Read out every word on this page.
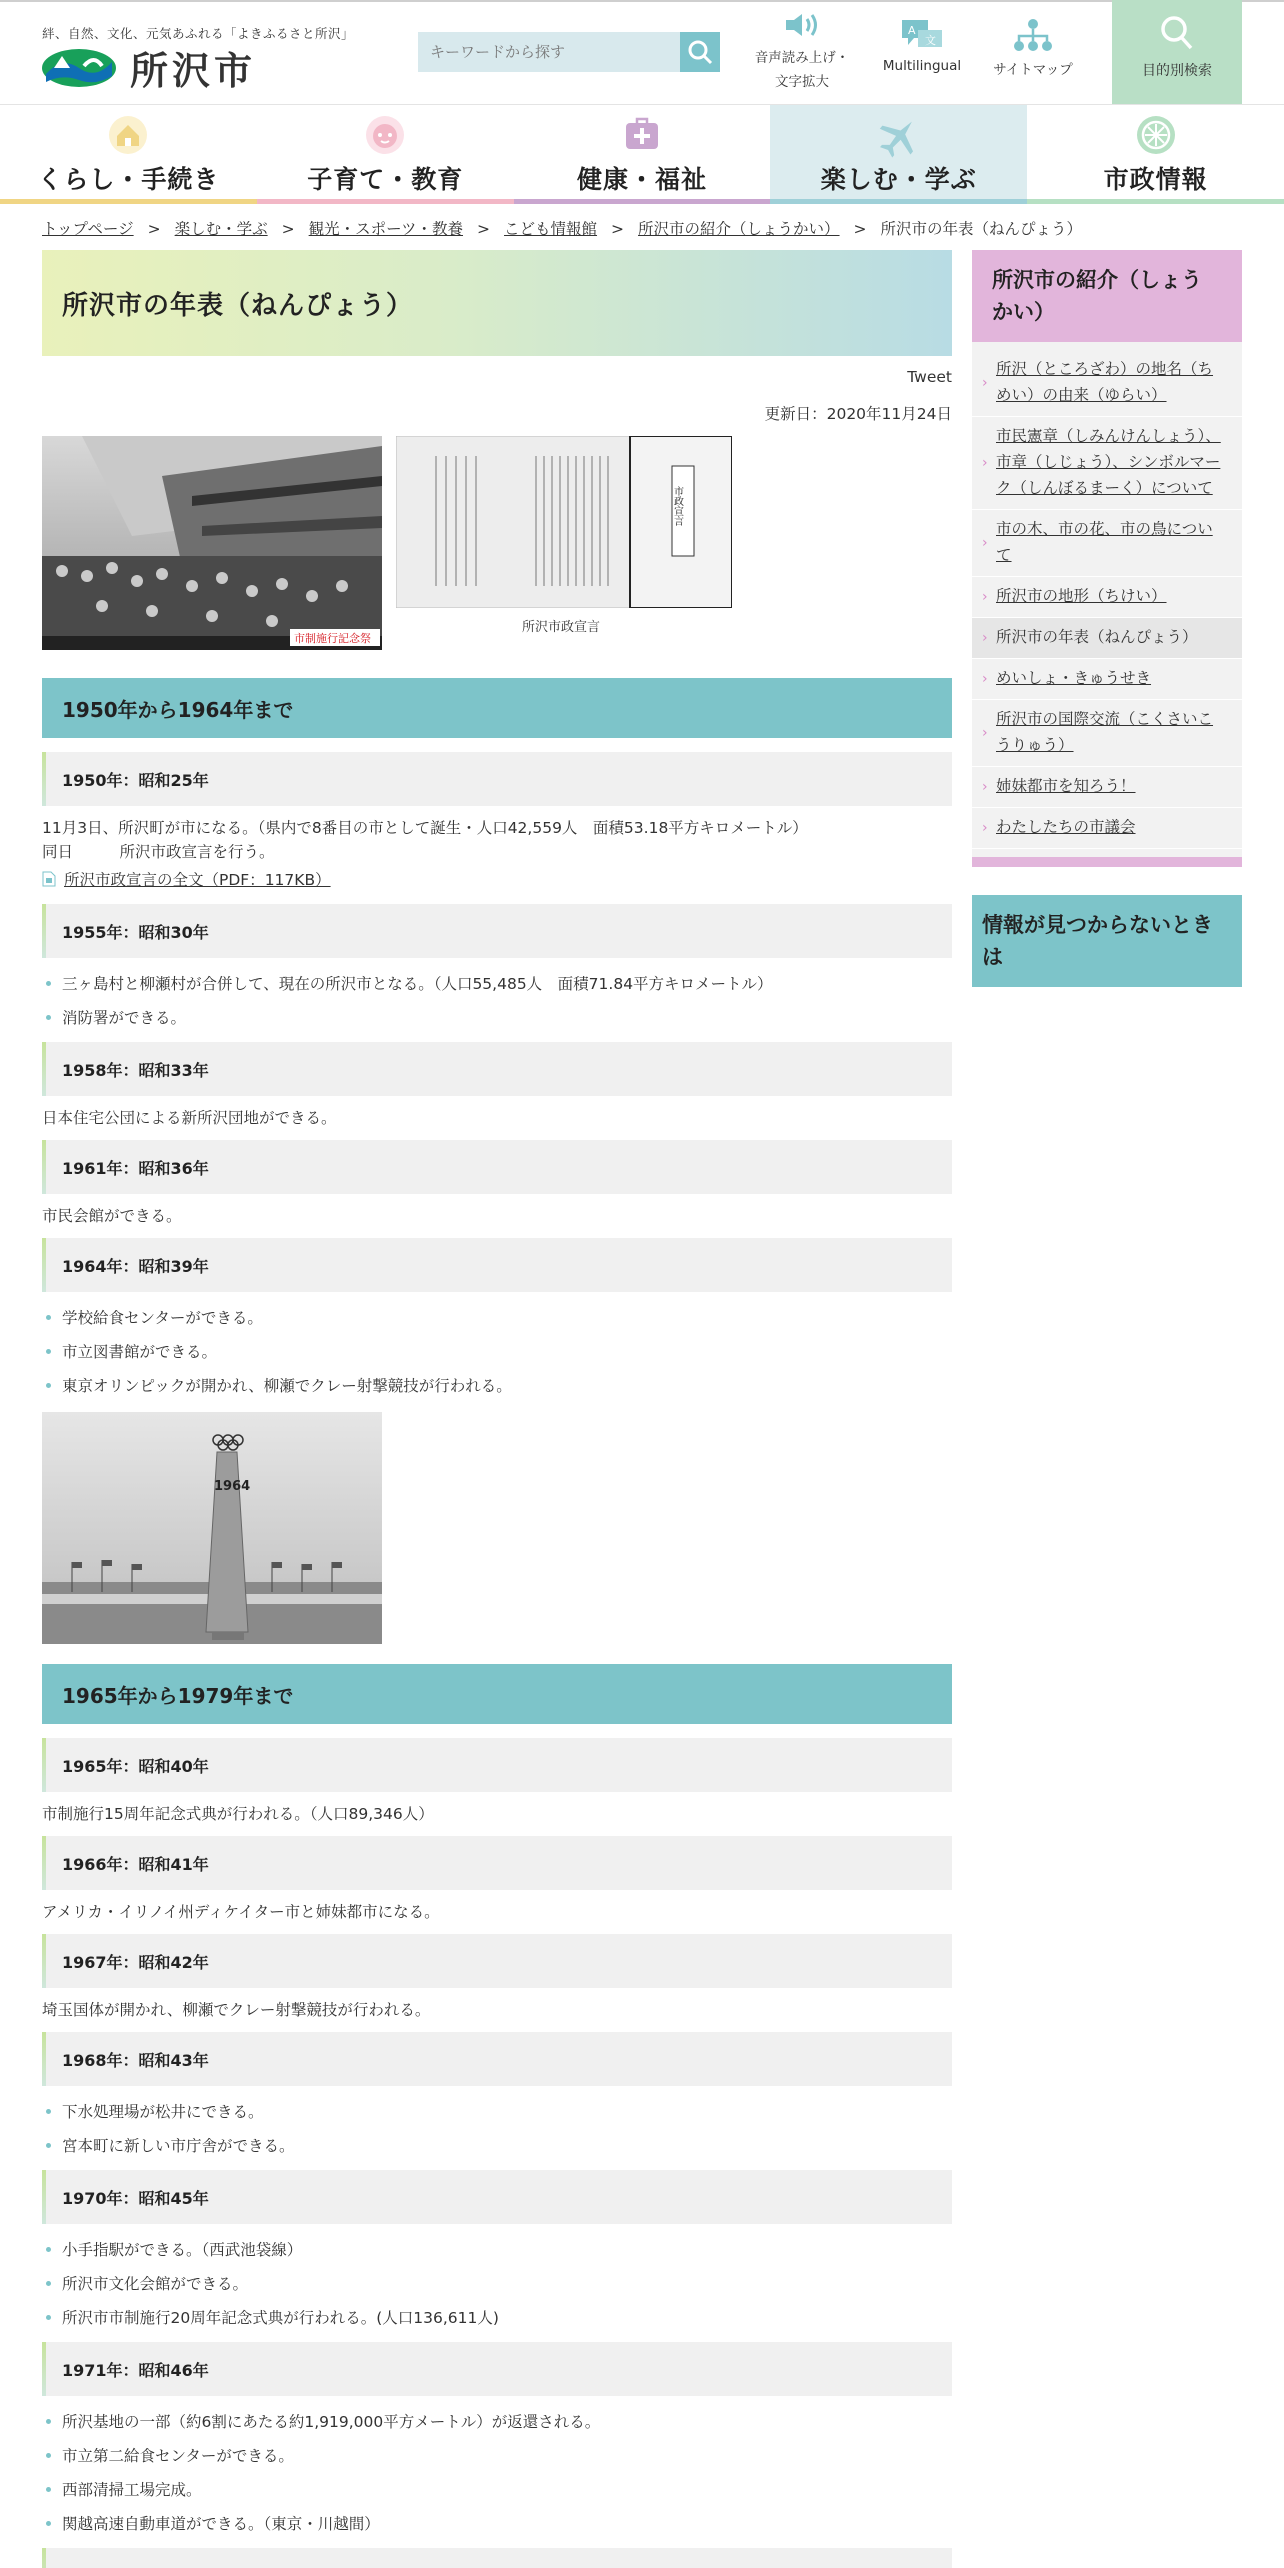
絆、自然、文化、元気あふれる「よきふるさと所沢」
所沢市
キーワードから探す	音声読み上げ・
文字拡大
A
文
Multilingual	サイトマップ	目的別検索
くらし・手続き	子育て・教育	健康・福祉	楽しむ・学ぶ	市政情報
トップページ > 楽しむ・学ぶ > 観光・スポーツ・教養 > こども情報館 > 所沢市の紹介（しょうかい） > 所沢市の年表（ねんぴょう）
所沢市の年表（ねんぴょう）
Tweet
更新日：2020年11月24日
市制施行記念祭
市政宣言
所沢市政宣言
1950年から1964年まで
1950年：昭和25年

11月3日、所沢町が市になる。（県内で8番目の市として誕生・人口42,559人　面積53.18平方キロメートル）

同日　　　所沢市政宣言を行う。

所沢市政宣言の全文（PDF：117KB）
1955年：昭和30年
三ヶ島村と柳瀬村が合併して、現在の所沢市となる。（人口55,485人　面積71.84平方キロメートル）
消防署ができる。
1958年：昭和33年

日本住宅公団による新所沢団地ができる。

1961年：昭和36年

市民会館ができる。

1964年：昭和39年
学校給食センターができる。
市立図書館ができる。
東京オリンピックが開かれ、柳瀬でクレー射撃競技が行われる。
1964
1965年から1979年まで
1965年：昭和40年

市制施行15周年記念式典が行われる。（人口89,346人）

1966年：昭和41年

アメリカ・イリノイ州ディケイター市と姉妹都市になる。

1967年：昭和42年

埼玉国体が開かれ、柳瀬でクレー射撃競技が行われる。

1968年：昭和43年
下水処理場が松井にできる。
宮本町に新しい市庁舎ができる。
1970年：昭和45年
小手指駅ができる。（西武池袋線）
所沢市文化会館ができる。
所沢市市制施行20周年記念式典が行われる。(人口136,611人)
1971年：昭和46年
所沢基地の一部（約6割にあたる約1,919,000平方メートル）が返還される。
市立第二給食センターができる。
西部清掃工場完成。
関越高速自動車道ができる。（東京・川越間）
所沢市の紹介（しょうかい）
› 所沢（ところざわ）の地名（ちめい）の由来（ゆらい）
› 市民憲章（しみんけんしょう）、市章（しじょう）、シンボルマーク（しんぼるまーく）について
› 市の木、市の花、市の鳥について
› 所沢市の地形（ちけい）
› 所沢市の年表（ねんぴょう）
› めいしょ・きゅうせき
› 所沢市の国際交流（こくさいこうりゅう）
› 姉妹都市を知ろう！
› わたしたちの市議会
情報が見つからないときは
